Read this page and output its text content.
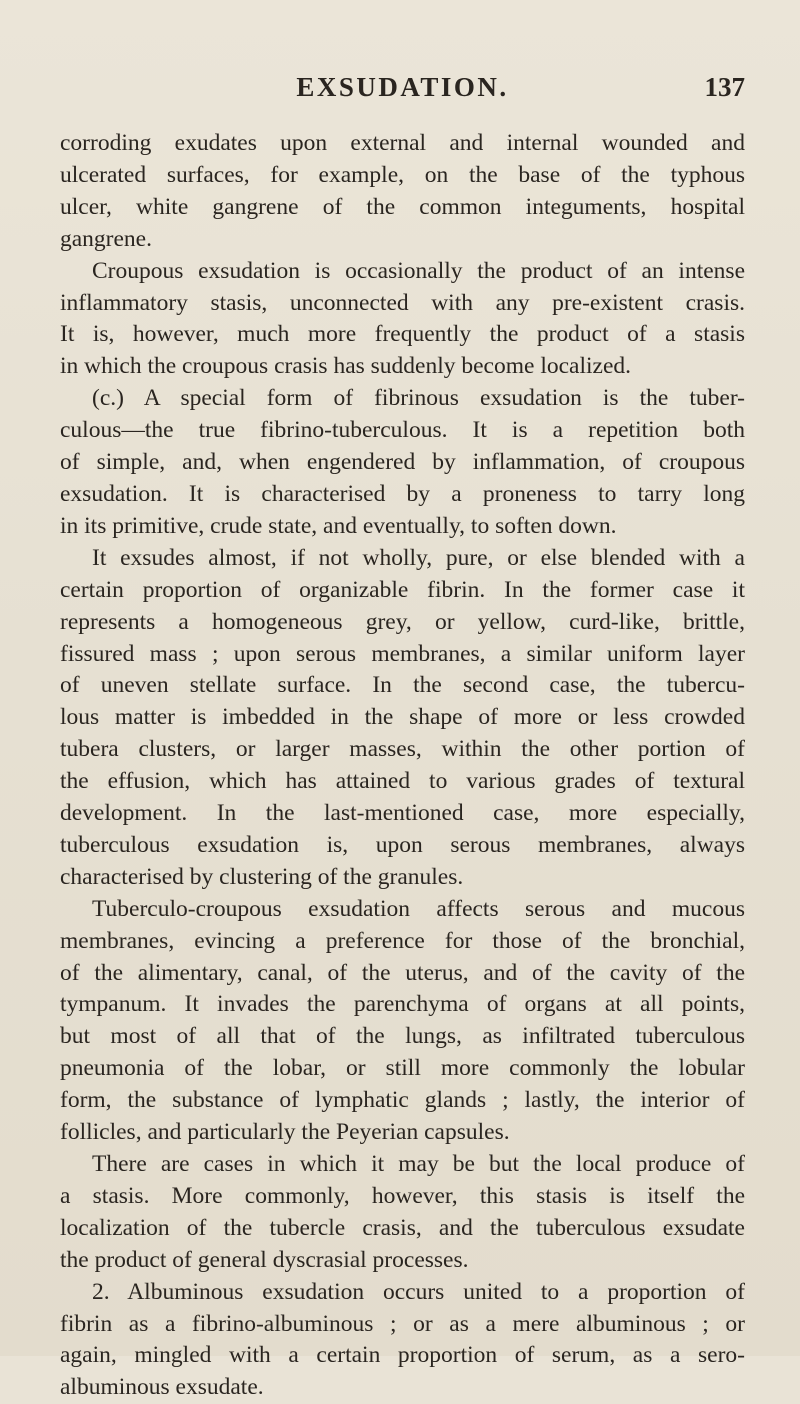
EXSUDATION.	137

corroding exudates upon external and internal wounded and
ulcerated surfaces, for example, on the base of the typhous
ulcer, white gangrene of the common integuments, hospital
gangrene.

Croupous exsudation is occasionally the product of an intense
inflammatory stasis, unconnected with any pre-existent crasis.
It is, however, much more frequently the product of a stasis
in which the croupous crasis has suddenly become localized.

(c.) A special form of fibrinous exsudation is the tuber-
culous—the true fibrino-tuberculous. It is a repetition both
of simple, and, when engendered by inflammation, of croupous
exsudation. It is characterised by a proneness to tarry long
in its primitive, crude state, and eventually, to soften down.

It exsudes almost, if not wholly, pure, or else blended with a
certain proportion of organizable fibrin. In the former case it
represents a homogeneous grey, or yellow, curd-like, brittle,
fissured mass ; upon serous membranes, a similar uniform layer
of uneven stellate surface. In the second case, the tubercu-
lous matter is imbedded in the shape of more or less crowded
tubera clusters, or larger masses, within the other portion of
the effusion, which has attained to various grades of textural
development. In the last-mentioned case, more especially,
tuberculous exsudation is, upon serous membranes, always
characterised by clustering of the granules.

Tuberculo-croupous exsudation affects serous and mucous
membranes, evincing a preference for those of the bronchial,
of the alimentary, canal, of the uterus, and of the cavity of the
tympanum. It invades the parenchyma of organs at all points,
but most of all that of the lungs, as infiltrated tuberculous
pneumonia of the lobar, or still more commonly the lobular
form, the substance of lymphatic glands ; lastly, the interior of
follicles, and particularly the Peyerian capsules.

There are cases in which it may be but the local produce of
a stasis. More commonly, however, this stasis is itself the
localization of the tubercle crasis, and the tuberculous exsudate
the product of general dyscrasial processes.

2. Albuminous exsudation occurs united to a proportion of
fibrin as a fibrino-albuminous ; or as a mere albuminous ; or
again, mingled with a certain proportion of serum, as a sero-
albuminous exsudate.
